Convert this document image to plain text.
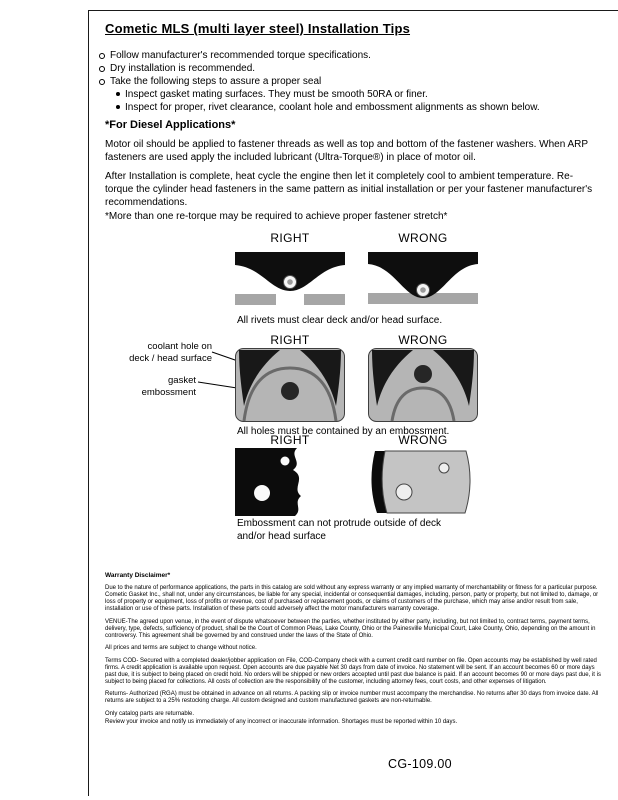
Cometic MLS (multi layer steel) Installation Tips
Follow manufacturer's recommended torque specifications.
Dry installation is recommended.
Take the following steps to assure a proper seal
Inspect gasket mating surfaces. They must be smooth 50RA or finer.
Inspect for proper, rivet clearance, coolant hole and embossment alignments as shown below.
*For Diesel Applications*

Motor oil should be applied to fastener threads as well as top and bottom of the fastener washers. When ARP fasteners are used apply the included lubricant (Ultra-Torque®) in place of motor oil.

After Installation is complete, heat cycle the engine then let it completely cool to ambient temperature. Re-torque the cylinder head fasteners in the same pattern as initial installation or per your fastener manufacturer's recommendations.

*More than one re-torque may be required to achieve proper fastener stretch*
RIGHT	WRONG
All rivets must clear deck and/or head surface.
RIGHT	WRONG
coolant hole on
deck / head surface
gasket embossment
All holes must be contained by an embossment.
RIGHT	WRONG
Embossment can not protrude outside of deck
and/or head surface
Warranty Disclaimer*

Due to the nature of performance applications, the parts in this catalog are sold without any express warranty or any implied warranty of merchantability or fitness for a particular purpose. Cometic Gasket Inc., shall not, under any circumstances, be liable for any special, incidental or consequential damages, including, person, party or property, but not limited to, damage, or loss of property or equipment, loss of profits or revenue, cost of purchased or replacement goods, or claims of customers of the purchase, which may arise and/or result from sale, installation or use of these parts. Installation of these parts could adversely affect the motor manufacturers warranty coverage.

VENUE-The agreed upon venue, in the event of dispute whatsoever between the parties, whether instituted by either party, including, but not limited to, contract terms, payment terms, delivery, type, defects, sufficiency of product, shall be the Court of Common Pleas, Lake County, Ohio or the Painesville Municipal Court, Lake County, Ohio, depending on the amount in controversy. This agreement shall be governed by and construed under the laws of the State of Ohio.

All prices and terms are subject to change without notice.

Terms COD- Secured with a completed dealer/jobber application on File, COD-Company check with a current credit card number on file. Open accounts may be established by well rated firms. A credit application is available upon request. Open accounts are due payable Net 30 days from date of invoice. No statement will be sent. If an account becomes 60 or more days past due, it is subject to being placed on credit hold. No orders will be shipped or new orders accepted until past due balance is paid. If an account becomes 90 or more days past due, it is subject to being placed for collections. All costs of collection are the responsibility of the customer, including attorney fees, court costs, and other expenses of litigation.

Returns- Authorized (RGA) must be obtained in advance on all returns. A packing slip or invoice number must accompany the merchandise. No returns after 30 days from invoice date. All returns are subject to a 25% restocking charge. All custom designed and custom manufactured gaskets are non-returnable.

Only catalog parts are returnable.

Review your invoice and notify us immediately of any incorrect or inaccurate information. Shortages must be reported within 10 days.

CG-109.00
